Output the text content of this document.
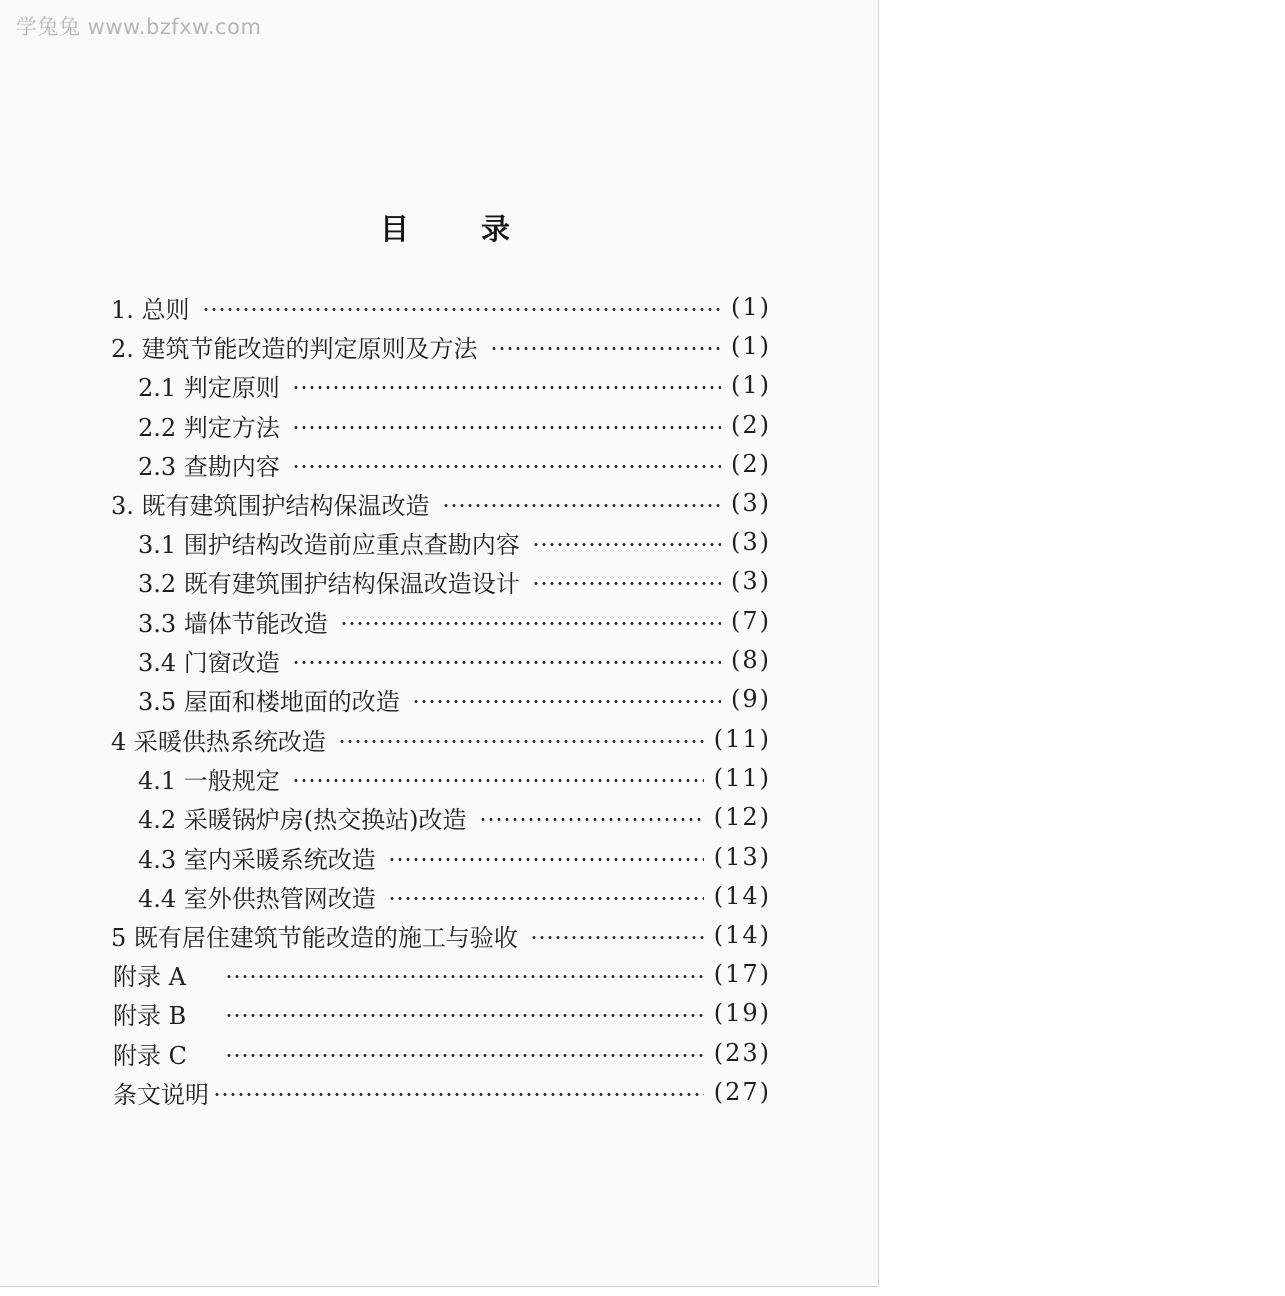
学兔兔 www.bzfxw.com
目 录
1. 总则	(1)
2. 建筑节能改造的判定原则及方法	(1)
2.1 判定原则	(1)
2.2 判定方法	(2)
2.3 查勘内容	(2)
3. 既有建筑围护结构保温改造	(3)
3.1 围护结构改造前应重点查勘内容	(3)
3.2 既有建筑围护结构保温改造设计	(3)
3.3 墙体节能改造	(7)
3.4 门窗改造	(8)
3.5 屋面和楼地面的改造	(9)
4 采暖供热系统改造	(11)
4.1 一般规定	(11)
4.2 采暖锅炉房(热交换站)改造	(12)
4.3 室内采暖系统改造	(13)
4.4 室外供热管网改造	(14)
5 既有居住建筑节能改造的施工与验收	(14)
附录 A	(17)
附录 B	(19)
附录 C	(23)
条文说明	(27)
